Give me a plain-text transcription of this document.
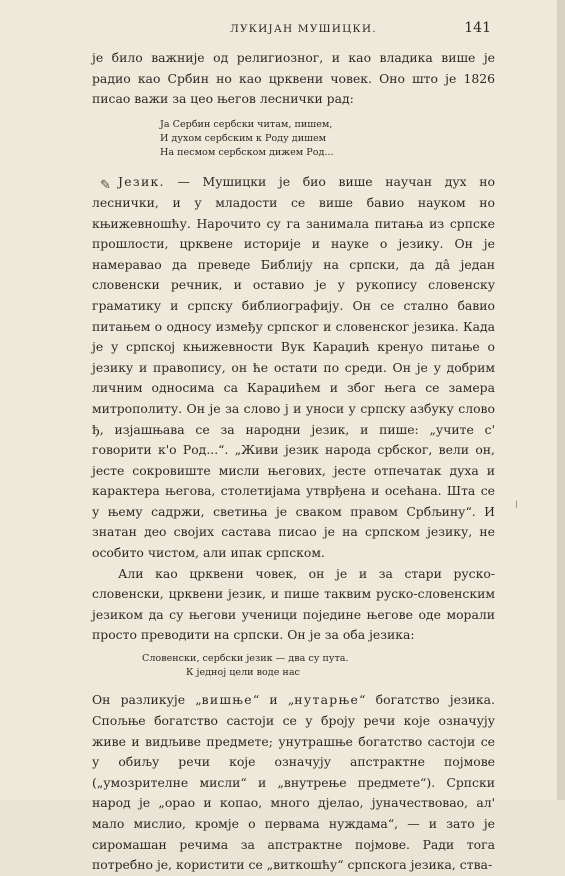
ЛУКИЈАН МУШИЦКИ.	141
✎
ǀ

је било важније од религиозног, и као владика више је радио као Србин но као црквени човек. Оно што је 1826 писао важи за цео његов леснички рад:

Ја Сербин сербски читам, пишем,
И духом сербским к Роду дишем
На песмом сербском дижем Род...

Језик. — Мушицки је био више научан дух но леснички, и у младости се више бавио науком но књижевношћу. Нарочито су га занимала питања из српске прошлости, црквене историје и науке о језику. Он је намеравао да преведе Библију на српски, да да̂ један словенски речник, и оставио је у рукопису словенску граматику и српску библиографију. Он се стално бавио питањем о односу између српског и словенског језика. Када је у српској књижевности Вук Караџић кренуо питање о језику и правопису, он ће остати по среди. Он је у добрим личним односима са Караџићем и због њега се замера митрополиту. Он је за слово ј и уноси у српску азбуку слово ђ, изјашњава се за народни језик, и пише: „учите с' говорити к'о Род...“. „Живи језик народа србског, вели он, јесте сокровиште мисли његових, јесте отпечатак духа и карактера његова, столетијама утврђена и осећана. Шта се у њему садржи, светиња је сваком правом Србљину“. И знатан део својих састава писао је на српском језику, не особито чистом, али ипак српском.

Али као црквени човек, он је и за стари руско-словенски, црквени језик, и пише таквим руско-словенским језиком да су његови ученици поједине његове оде морали просто преводити на српски. Он је за оба језика:

Словенски, сербски језик — два су пута.
К једној цели воде нас

Он разликује „вишње“ и „нутарње“ богатство језика. Спољње богатство састоји се у броју речи које означују живе и видљиве предмете; унутрашње богатство састоји се у обиљу речи које означују апстрактне појмове („умозрителне мисли“ и „внутрење предмете“). Српски народ је „орао и копао, много дјелао, јуначествовао, ал' мало мислио, кромје о первама нуждама“, — и зато је сиромашан речима за апстрактне појмове. Ради тога потребно је, користити се „виткошћу“ српскога језика, ства-
